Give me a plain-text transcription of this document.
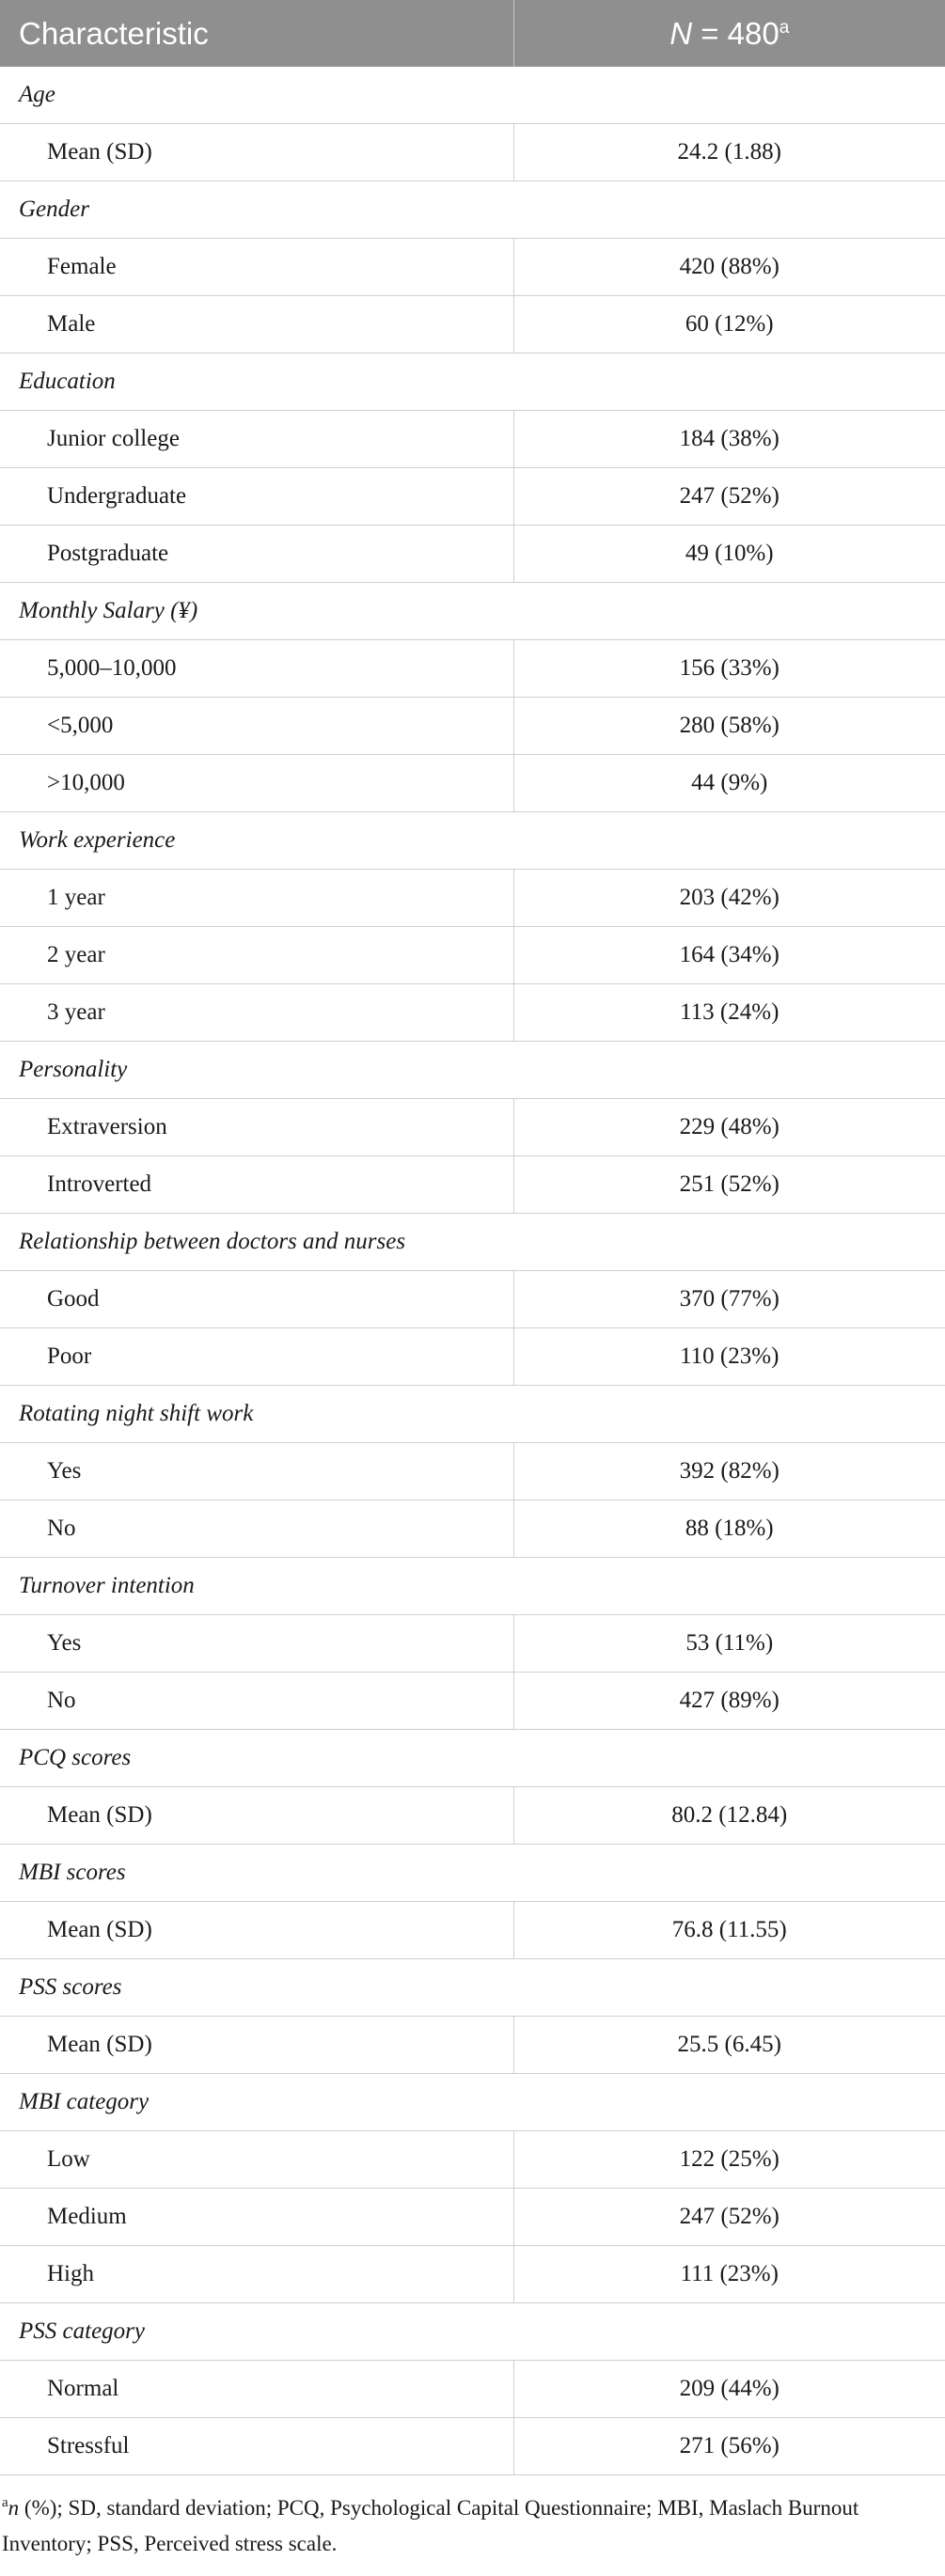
Characteristic	$N = 480^a$
Age	
Mean (SD)	24.2 (1.88)
Gender	
Female	420 (88%)
Male	60 (12%)
Education	
Junior college	184 (38%)
Undergraduate	247 (52%)
Postgraduate	49 (10%)
Monthly Salary (¥)	
5,000–10,000	156 (33%)
<5,000	280 (58%)
>10,000	44 (9%)
Work experience	
1 year	203 (42%)
2 year	164 (34%)
3 year	113 (24%)
Personality	
Extraversion	229 (48%)
Introverted	251 (52%)
Relationship between doctors and nurses	
Good	370 (77%)
Poor	110 (23%)
Rotating night shift work	
Yes	392 (82%)
No	88 (18%)
Turnover intention	
Yes	53 (11%)
No	427 (89%)
PCQ scores	
Mean (SD)	80.2 (12.84)
MBI scores	
Mean (SD)	76.8 (11.55)
PSS scores	
Mean (SD)	25.5 (6.45)
MBI category	
Low	122 (25%)
Medium	247 (52%)
High	111 (23%)
PSS category	
Normal	209 (44%)
Stressful	271 (56%)
$^a$n (%); SD, standard deviation; PCQ, Psychological Capital Questionnaire; MBI, Maslach Burnout Inventory; PSS, Perceived stress scale.
